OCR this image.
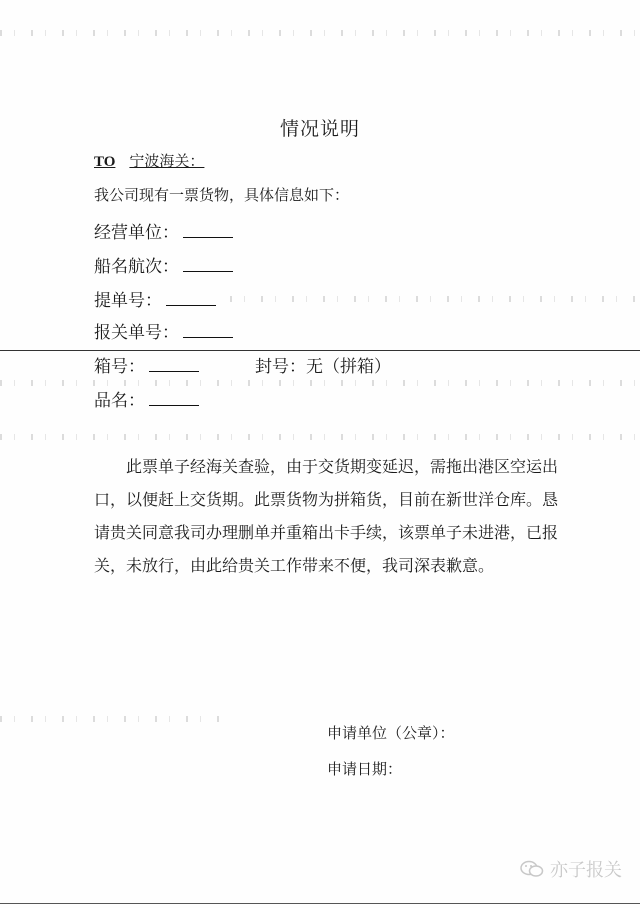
情况说明
TO 宁波海关：
我公司现有一票货物，具体信息如下：
经营单位：
船名航次：
提单号：
报关单号：
箱号：	封号：无（拼箱）
品名：
此票单子经海关查验，由于交货期变延迟，需拖出港区空运出口，以便赶上交货期。此票货物为拼箱货，目前在新世洋仓库。恳请贵关同意我司办理删单并重箱出卡手续，该票单子未进港，已报关，未放行，由此给贵关工作带来不便，我司深表歉意。
申请单位（公章）：
申请日期：
亦子报关
